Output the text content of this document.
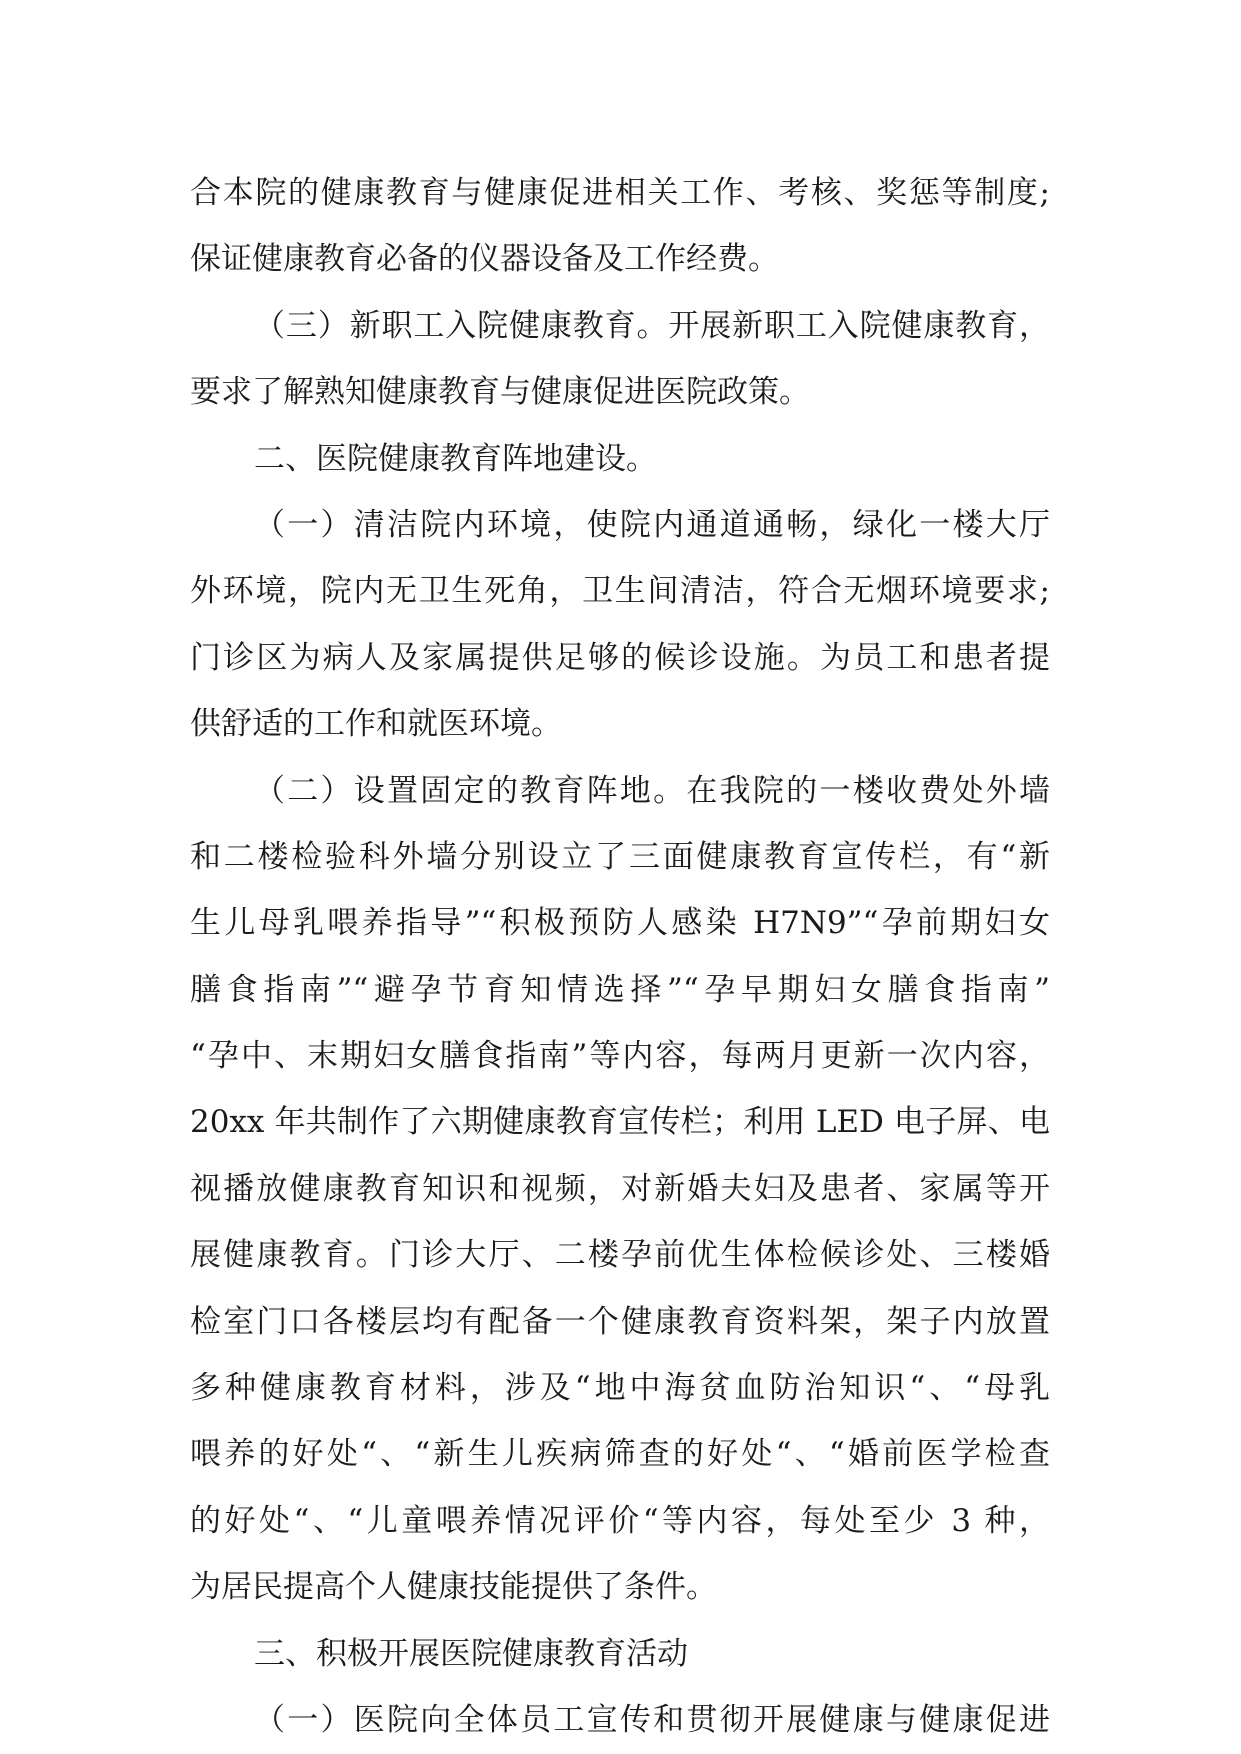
合本院的健康教育与健康促进相关工作、考核、奖惩等制度;
保证健康教育必备的仪器设备及工作经费。
（三）新职工入院健康教育。开展新职工入院健康教育，
要求了解熟知健康教育与健康促进医院政策。
二、医院健康教育阵地建设。
（一）清洁院内环境，使院内通道通畅，绿化一楼大厅
外环境，院内无卫生死角，卫生间清洁，符合无烟环境要求;
门诊区为病人及家属提供足够的候诊设施。为员工和患者提
供舒适的工作和就医环境。
（二）设置固定的教育阵地。在我院的一楼收费处外墙
和二楼检验科外墙分别设立了三面健康教育宣传栏，有“新
生儿母乳喂养指导”“积极预防人感染 H7N9”“孕前期妇女
膳食指南”“避孕节育知情选择”“孕早期妇女膳食指南”
“孕中、末期妇女膳食指南”等内容，每两月更新一次内容，
20xx 年共制作了六期健康教育宣传栏；利用 LED 电子屏、电
视播放健康教育知识和视频，对新婚夫妇及患者、家属等开
展健康教育。门诊大厅、二楼孕前优生体检候诊处、三楼婚
检室门口各楼层均有配备一个健康教育资料架，架子内放置
多种健康教育材料，涉及“地中海贫血防治知识“、“母乳
喂养的好处“、“新生儿疾病筛查的好处“、“婚前医学检查
的好处“、“儿童喂养情况评价“等内容，每处至少 3 种，
为居民提高个人健康技能提供了条件。
三、积极开展医院健康教育活动
（一）医院向全体员工宣传和贯彻开展健康与健康促进
